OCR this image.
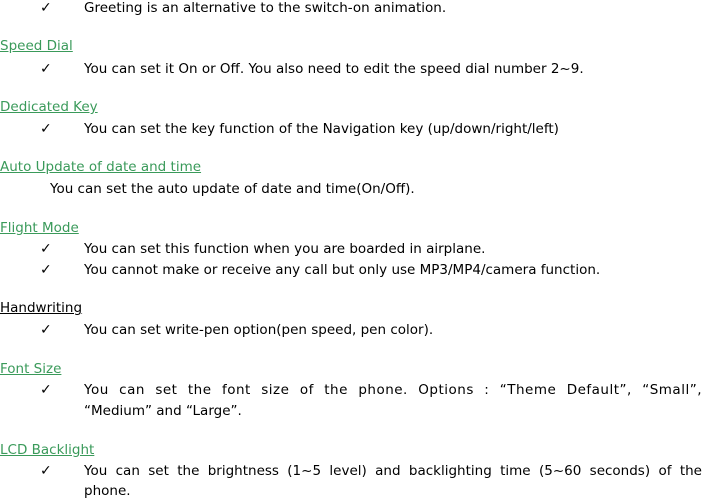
✓	Greeting is an alternative to the switch-on animation.
Speed Dial
✓	You can set it On or Off. You also need to edit the speed dial number 2~9.
Dedicated Key
✓	You can set the key function of the Navigation key (up/down/right/left)
Auto Update of date and time
You can set the auto update of date and time(On/Off).
Flight Mode
✓	You can set this function when you are boarded in airplane.
✓	You cannot make or receive any call but only use MP3/MP4/camera function.
Handwriting
✓	You can set write-pen option(pen speed, pen color).
Font Size
✓	You can set the font size of the phone. Options : “Theme Default”, “Small”,
“Medium” and “Large”.
LCD Backlight
✓	You can set the brightness (1~5 level) and backlighting time (5~60 seconds) of the
phone.
